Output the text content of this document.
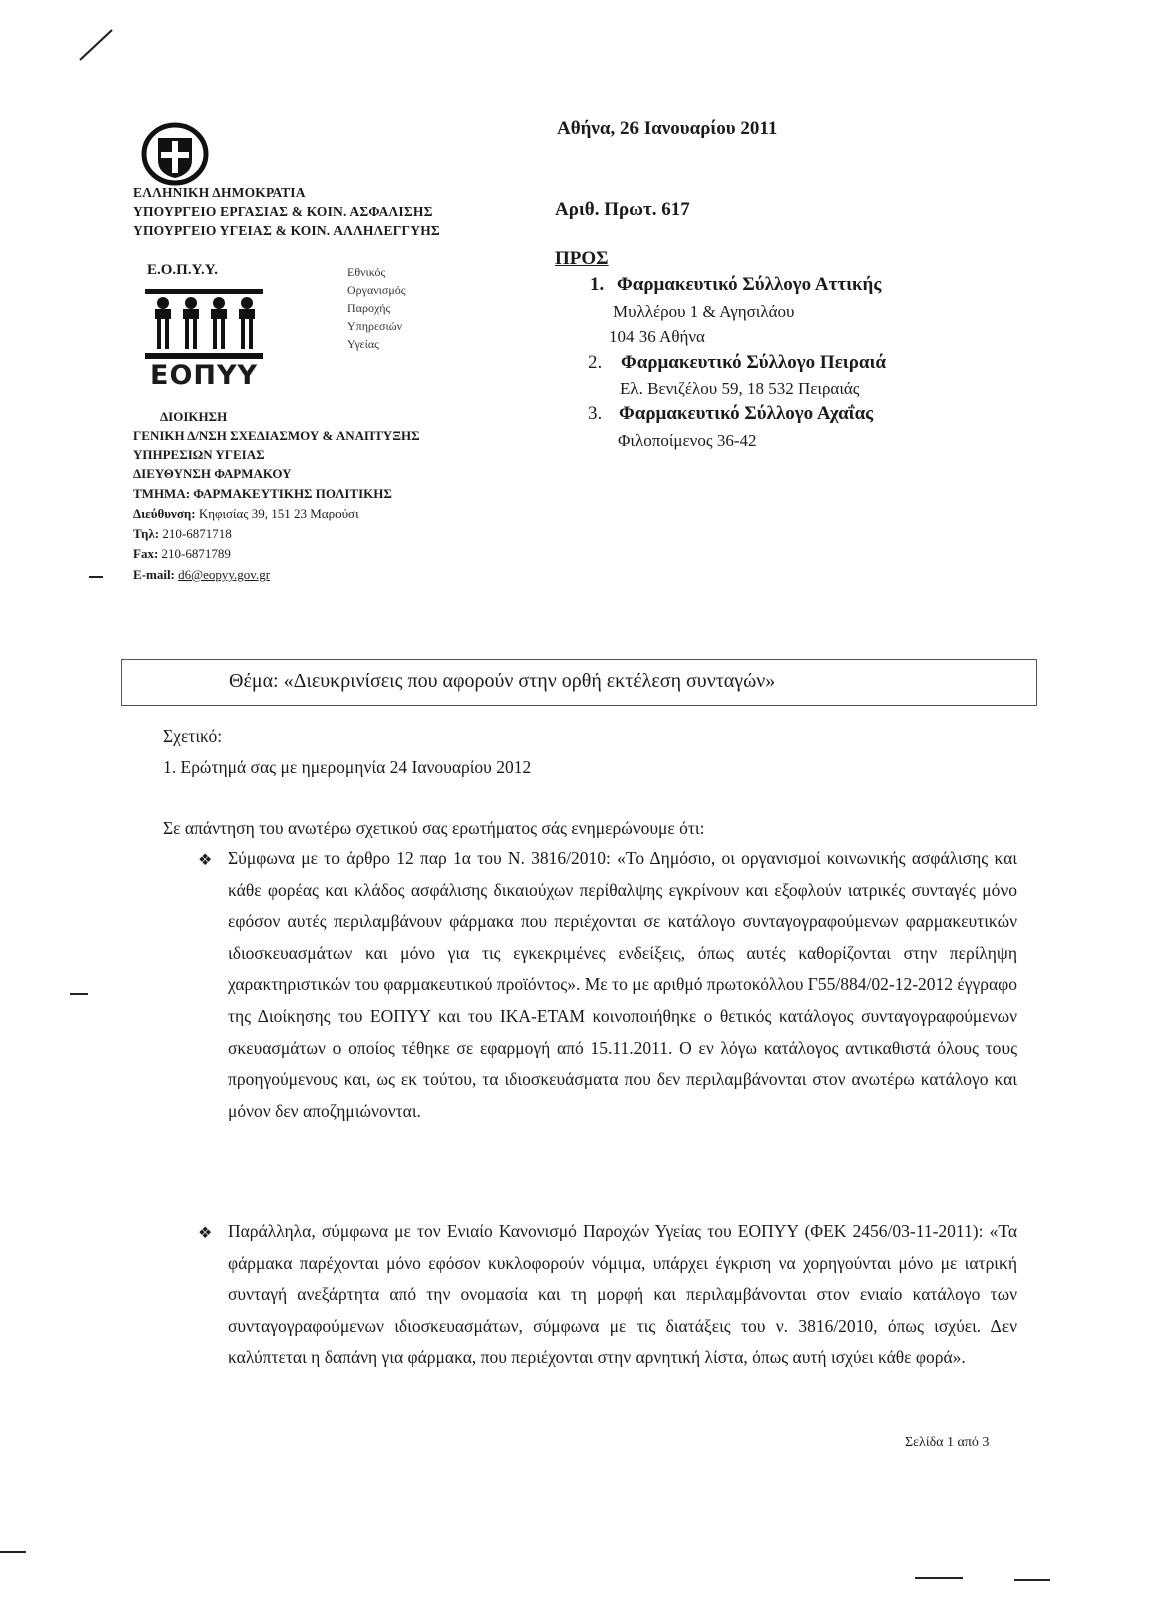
ΕΛΛΗΝΙΚΗ ΔΗΜΟΚΡΑΤΙΑ
ΥΠΟΥΡΓΕΙΟ ΕΡΓΑΣΙΑΣ & ΚΟΙΝ. ΑΣΦΑΛΙΣΗΣ
ΥΠΟΥΡΓΕΙΟ ΥΓΕΙΑΣ & ΚΟΙΝ. ΑΛΛΗΛΕΓΓΥΗΣ
Ε.Ο.Π.Υ.Υ.
ΕΟΠΥΥ
Εθνικός
Οργανισμός
Παροχής
Υπηρεσιών
Υγείας
ΔΙΟΙΚΗΣΗ
ΓΕΝΙΚΗ Δ/ΝΣΗ ΣΧΕΔΙΑΣΜΟΥ & ΑΝΑΠΤΥΞΗΣ
ΥΠΗΡΕΣΙΩΝ ΥΓΕΙΑΣ
ΔΙΕΥΘΥΝΣΗ ΦΑΡΜΑΚΟΥ
ΤΜΗΜΑ: ΦΑΡΜΑΚΕΥΤΙΚΗΣ ΠΟΛΙΤΙΚΗΣ
Διεύθυνση: Κηφισίας 39, 151 23 Μαρούσι
Τηλ: 210-6871718
Fax: 210-6871789
E-mail: d6@eopyy.gov.gr
Αθήνα, 26 Ιανουαρίου 2011
Αριθ. Πρωτ. 617
ΠΡΟΣ
1. Φαρμακευτικό Σύλλογο Αττικής
Μυλλέρου 1 & Αγησιλάου
104 36 Αθήνα
2. Φαρμακευτικό Σύλλογο Πειραιά
Ελ. Βενιζέλου 59, 18 532 Πειραιάς
3. Φαρμακευτικό Σύλλογο Αχαΐας
Φιλοποίμενος 36-42
Θέμα: «Διευκρινίσεις που αφορούν στην ορθή εκτέλεση συνταγών»
Σχετικό:
1. Ερώτημά σας με ημερομηνία 24 Ιανουαρίου 2012
Σε απάντηση του ανωτέρω σχετικού σας ερωτήματος σάς ενημερώνουμε ότι:
❖ Σύμφωνα με το άρθρο 12 παρ 1α του Ν. 3816/2010: «Το Δημόσιο, οι οργανισμοί κοινωνικής ασφάλισης και κάθε φορέας και κλάδος ασφάλισης δικαιούχων περίθαλψης εγκρίνουν και εξοφλούν ιατρικές συνταγές μόνο εφόσον αυτές περιλαμβάνουν φάρμακα που περιέχονται σε κατάλογο συνταγογραφούμενων φαρμακευτικών ιδιοσκευασμάτων και μόνο για τις εγκεκριμένες ενδείξεις, όπως αυτές καθορίζονται στην περίληψη χαρακτηριστικών του φαρμακευτικού προϊόντος». Με το με αριθμό πρωτοκόλλου Γ55/884/02-12-2012 έγγραφο της Διοίκησης του ΕΟΠΥΥ και του ΙΚΑ-ΕΤΑΜ κοινοποιήθηκε ο θετικός κατάλογος συνταγογραφούμενων σκευασμάτων ο οποίος τέθηκε σε εφαρμογή από 15.11.2011. Ο εν λόγω κατάλογος αντικαθιστά όλους τους προηγούμενους και, ως εκ τούτου, τα ιδιοσκευάσματα που δεν περιλαμβάνονται στον ανωτέρω κατάλογο και μόνον δεν αποζημιώνονται.
❖ Παράλληλα, σύμφωνα με τον Ενιαίο Κανονισμό Παροχών Υγείας του ΕΟΠΥΥ (ΦΕΚ 2456/03-11-2011): «Τα φάρμακα παρέχονται μόνο εφόσον κυκλοφορούν νόμιμα, υπάρχει έγκριση να χορηγούνται μόνο με ιατρική συνταγή ανεξάρτητα από την ονομασία και τη μορφή και περιλαμβάνονται στον ενιαίο κατάλογο των συνταγογραφούμενων ιδιοσκευασμάτων, σύμφωνα με τις διατάξεις του ν. 3816/2010, όπως ισχύει. Δεν καλύπτεται η δαπάνη για φάρμακα, που περιέχονται στην αρνητική λίστα, όπως αυτή ισχύει κάθε φορά».
Σελίδα 1 από 3
